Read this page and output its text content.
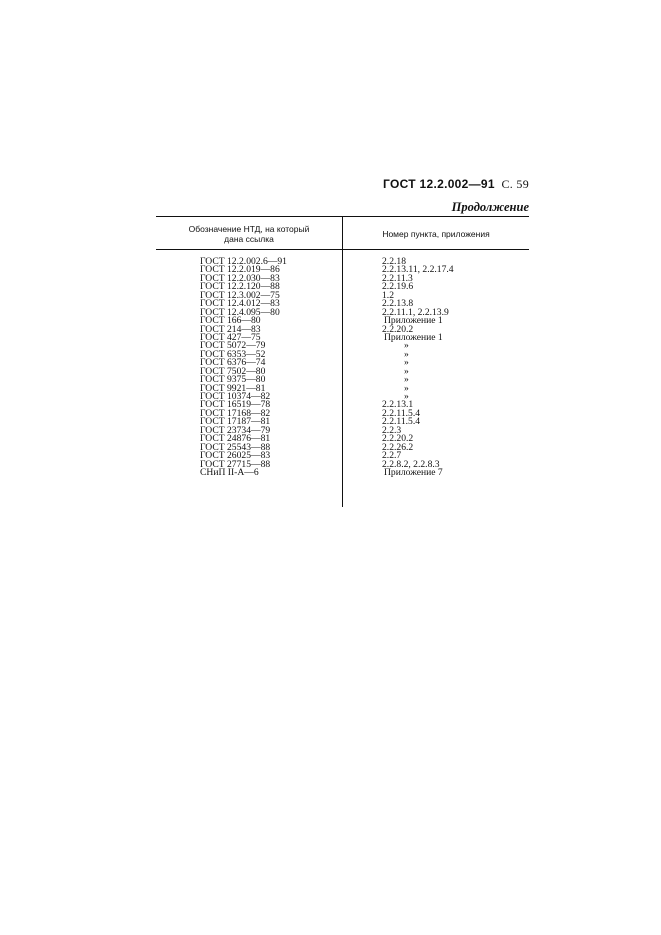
ГОСТ 12.2.002—91 С. 59
Продолжение
Обозначение НТД, на который
дана ссылка	Номер пункта, приложения
ГОСТ 12.2.002.6—91	2.2.18
ГОСТ 12.2.019—86	2.2.13.11, 2.2.17.4
ГОСТ 12.2.030—83	2.2.11.3
ГОСТ 12.2.120—88	2.2.19.6
ГОСТ 12.3.002—75	1.2
ГОСТ 12.4.012—83	2.2.13.8
ГОСТ 12.4.095—80	2.2.11.1, 2.2.13.9
ГОСТ 166—80	Приложение 1
ГОСТ 214—83	2.2.20.2
ГОСТ 427—75	Приложение 1
ГОСТ 5072—79	»
ГОСТ 6353—52	»
ГОСТ 6376—74	»
ГОСТ 7502—80	»
ГОСТ 9375—80	»
ГОСТ 9921—81	»
ГОСТ 10374—82	»
ГОСТ 16519—78	2.2.13.1
ГОСТ 17168—82	2.2.11.5.4
ГОСТ 17187—81	2.2.11.5.4
ГОСТ 23734—79	2.2.3
ГОСТ 24876—81	2.2.20.2
ГОСТ 25543—88	2.2.26.2
ГОСТ 26025—83	2.2.7
ГОСТ 27715—88	2.2.8.2, 2.2.8.3
СНиП II-А—6	Приложение 7
